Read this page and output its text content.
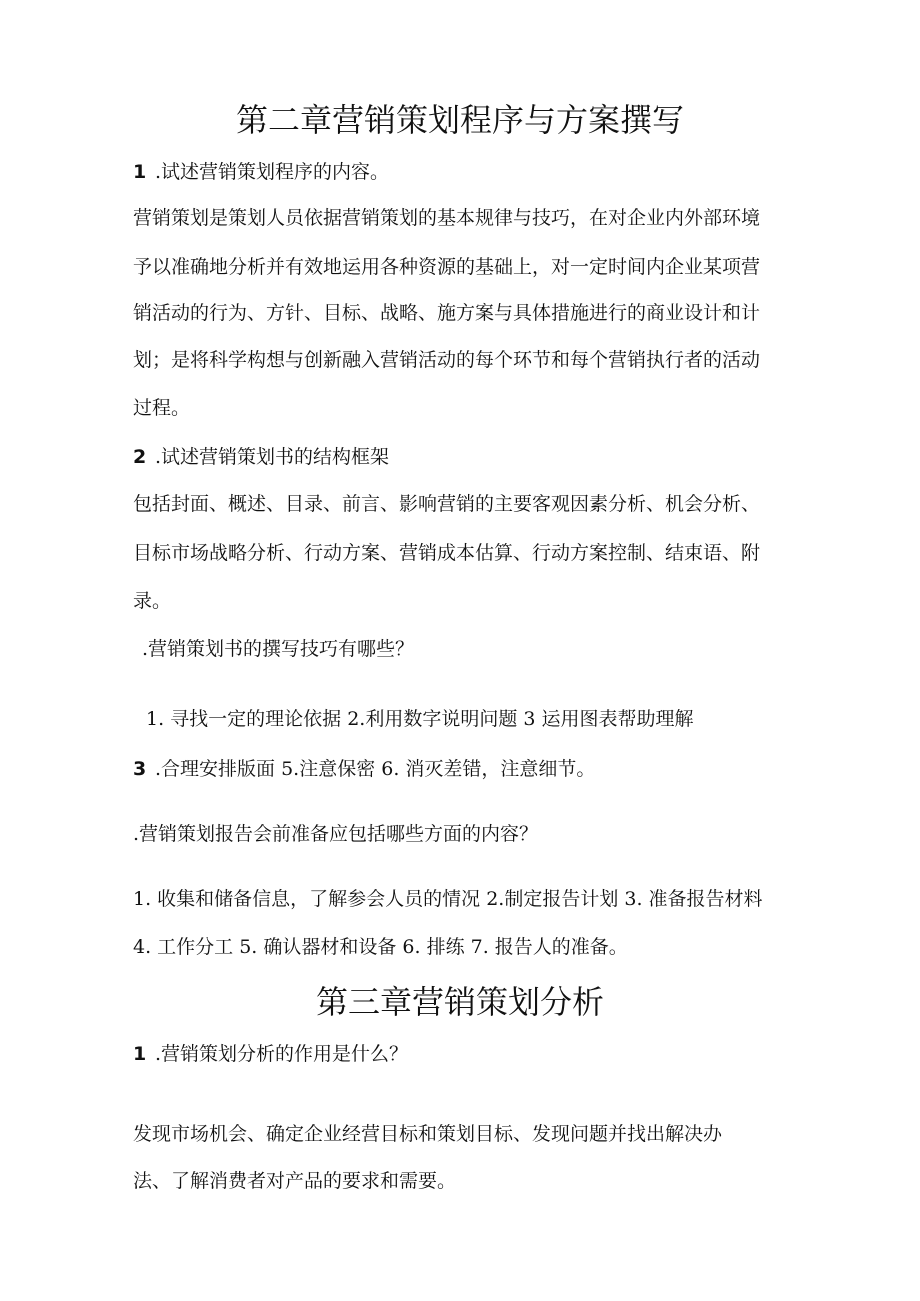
第二章营销策划程序与方案撰写
1 .试述营销策划程序的内容。
营销策划是策划人员依据营销策划的基本规律与技巧，在对企业内外部环境
予以准确地分析并有效地运用各种资源的基础上，对一定时间内企业某项营
销活动的行为、方针、目标、战略、施方案与具体措施进行的商业设计和计
划；是将科学构想与创新融入营销活动的每个环节和每个营销执行者的活动
过程。
2 .试述营销策划书的结构框架
包括封面、概述、目录、前言、影响营销的主要客观因素分析、机会分析、
目标市场战略分析、行动方案、营销成本估算、行动方案控制、结束语、附
录。
.营销策划书的撰写技巧有哪些？
1. 寻找一定的理论依据 2.利用数字说明问题 3 运用图表帮助理解
3 .合理安排版面 5.注意保密 6. 消灭差错，注意细节。
.营销策划报告会前准备应包括哪些方面的内容？
1. 收集和储备信息，了解参会人员的情况 2.制定报告计划 3. 准备报告材料
4. 工作分工 5. 确认器材和设备 6. 排练 7. 报告人的准备。
第三章营销策划分析
1 .营销策划分析的作用是什么？
发现市场机会、确定企业经营目标和策划目标、发现问题并找出解决办
法、了解消费者对产品的要求和需要。
